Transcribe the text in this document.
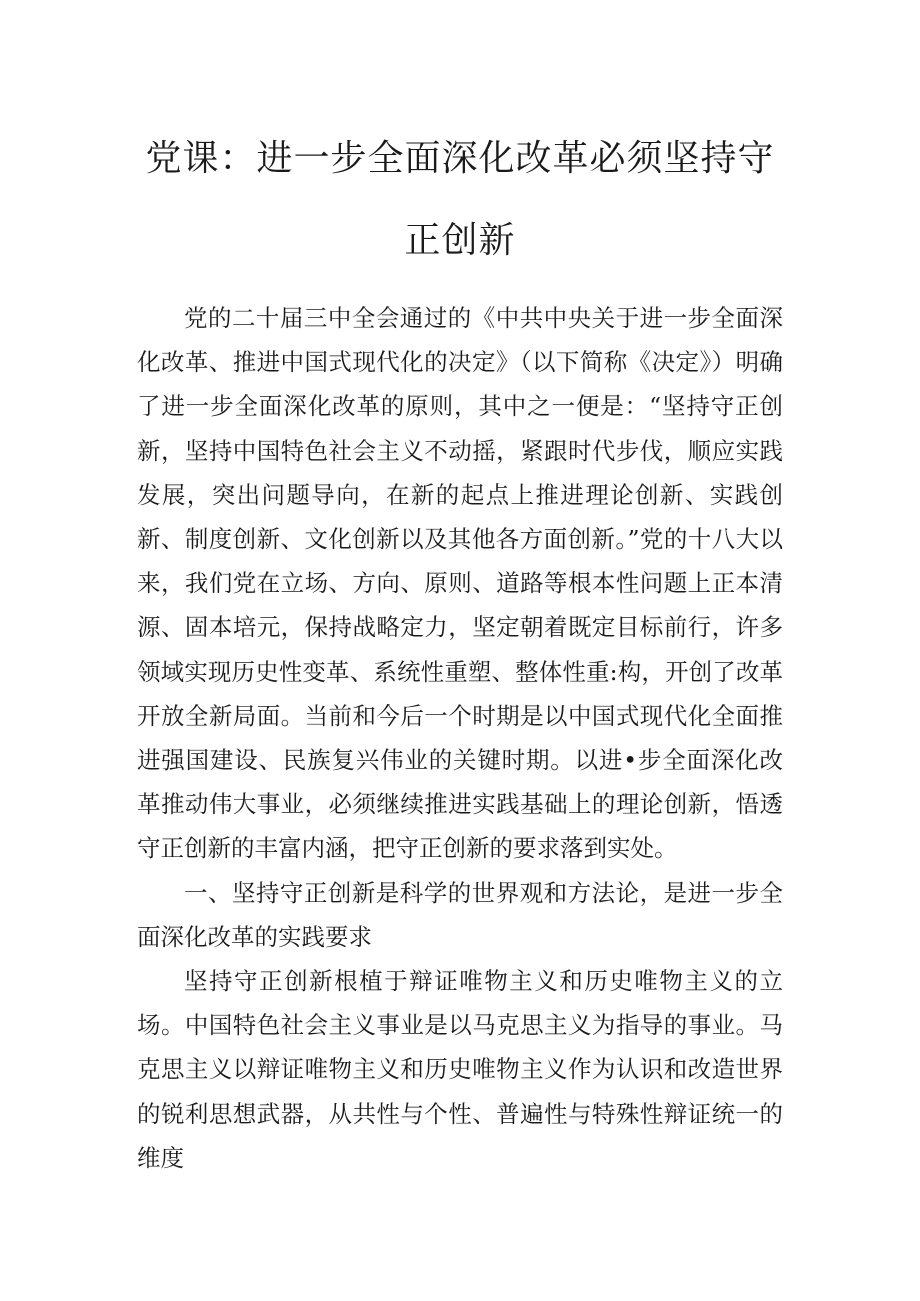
党课：进一步全面深化改革必须坚持守正创新

党的二十届三中全会通过的《中共中央关于进一步全面深化改革、推进中国式现代化的决定》（以下简称《决定》）明确了进一步全面深化改革的原则，其中之一便是：“坚持守正创新，坚持中国特色社会主义不动摇，紧跟时代步伐，顺应实践发展，突出问题导向，在新的起点上推进理论创新、实践创新、制度创新、文化创新以及其他各方面创新。”党的十八大以来，我们党在立场、方向、原则、道路等根本性问题上正本清源、固本培元，保持战略定力，坚定朝着既定目标前行，许多领域实现历史性变革、系统性重塑、整体性重:构，开创了改革开放全新局面。当前和今后一个时期是以中国式现代化全面推进强国建设、民族复兴伟业的关键时期。以进•步全面深化改革推动伟大事业，必须继续推进实践基础上的理论创新，悟透守正创新的丰富内涵，把守正创新的要求落到实处。

一、坚持守正创新是科学的世界观和方法论，是进一步全面深化改革的实践要求

坚持守正创新根植于辩证唯物主义和历史唯物主义的立场。中国特色社会主义事业是以马克思主义为指导的事业。马克思主义以辩证唯物主义和历史唯物主义作为认识和改造世界的锐利思想武器，从共性与个性、普遍性与特殊性辩证统一的维度
